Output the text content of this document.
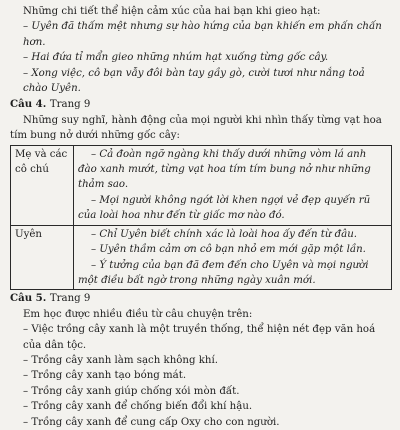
Những chi tiết thể hiện cảm xúc của hai bạn khi gieo hạt:

– Uyên đã thấm mệt nhưng sự hào hứng của bạn khiến em phấn chấn hơn.

– Hai đứa tỉ mẩn gieo những nhúm hạt xuống từng gốc cây.

– Xong việc, cô bạn vẫy đôi bàn tay gầy gò, cười tươi như nắng toả chào Uyên.

Câu 4. Trang 9

Những suy nghĩ, hành động của mọi người khi nhìn thấy từng vạt hoa tím bung nở dưới những gốc cây:

Mẹ và các cô chú	– Cả đoàn ngỡ ngàng khi thấy dưới những vòm lá anh đào xanh mướt, từng vạt hoa tím tím bung nở như những thảm sao.
– Mọi người không ngớt lời khen ngợi vẻ đẹp quyến rũ của loài hoa như đến từ giấc mơ nào đó.

Uyên	– Chỉ Uyên biết chính xác là loài hoa ấy đến từ đâu.
– Uyên thầm cảm ơn cô bạn nhỏ em mới gặp một lần.
– Ý tưởng của bạn đã đem đến cho Uyên và mọi người một điều bất ngờ trong những ngày xuân mới.

Câu 5. Trang 9

Em học được nhiều điều từ câu chuyện trên:

– Việc trồng cây xanh là một truyền thống, thể hiện nét đẹp văn hoá của dân tộc.

– Trồng cây xanh làm sạch không khí.

– Trồng cây xanh tạo bóng mát.

– Trồng cây xanh giúp chống xói mòn đất.

– Trồng cây xanh để chống biến đổi khí hậu.

– Trồng cây xanh để cung cấp Oxy cho con người.
